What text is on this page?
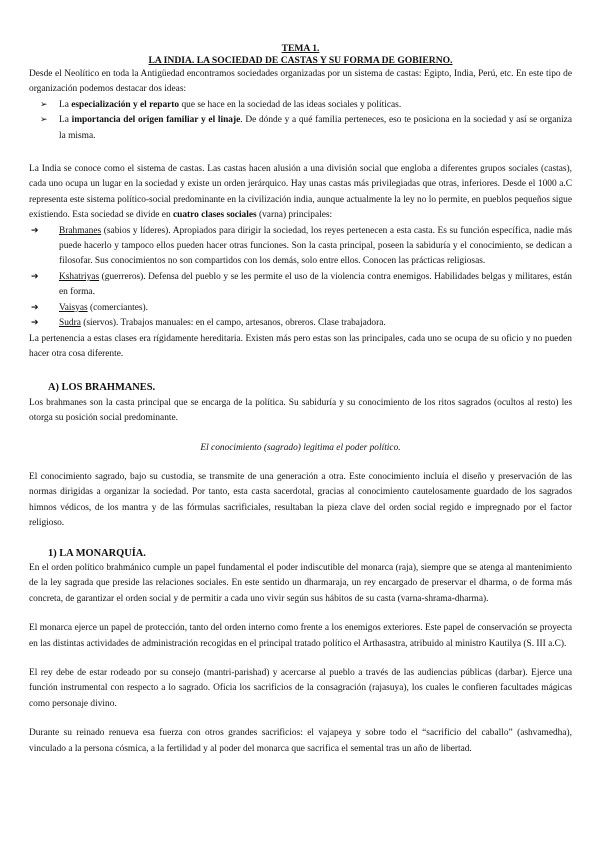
TEMA 1.
LA INDIA. LA SOCIEDAD DE CASTAS Y SU FORMA DE GOBIERNO.

Desde el Neolítico en toda la Antigüedad encontramos sociedades organizadas por un sistema de castas: Egipto, India, Perú, etc. En este tipo de organización podemos destacar dos ideas:

➢	La especialización y el reparto que se hace en la sociedad de las ideas sociales y políticas.
➢	La importancia del origen familiar y el linaje. De dónde y a qué familia perteneces, eso te posiciona en la sociedad y así se organiza la misma.

La India se conoce como el sistema de castas. Las castas hacen alusión a una división social que engloba a diferentes grupos sociales (castas), cada uno ocupa un lugar en la sociedad y existe un orden jerárquico. Hay unas castas más privilegiadas que otras, inferiores. Desde el 1000 a.C representa este sistema político-social predominante en la civilización india, aunque actualmente la ley no lo permite, en pueblos pequeños sigue existiendo. Esta sociedad se divide en cuatro clases sociales (varna) principales:

➔	Brahmanes (sabios y líderes). Apropiados para dirigir la sociedad, los reyes pertenecen a esta casta. Es su función específica, nadie más puede hacerlo y tampoco ellos pueden hacer otras funciones. Son la casta principal, poseen la sabiduría y el conocimiento, se dedican a filosofar. Sus conocimientos no son compartidos con los demás, solo entre ellos. Conocen las prácticas religiosas.
➔	Kshatriyas (guerreros). Defensa del pueblo y se les permite el uso de la violencia contra enemigos. Habilidades belgas y militares, están en forma.
➔	Vaisyas (comerciantes).
➔	Sudra (siervos). Trabajos manuales: en el campo, artesanos, obreros. Clase trabajadora.

La pertenencia a estas clases era rígidamente hereditaria. Existen más pero estas son las principales, cada uno se ocupa de su oficio y no pueden hacer otra cosa diferente.

A) LOS BRAHMANES.

Los brahmanes son la casta principal que se encarga de la política. Su sabiduría y su conocimiento de los ritos sagrados (ocultos al resto) les otorga su posición social predominante.

El conocimiento (sagrado) legitima el poder político.

El conocimiento sagrado, bajo su custodia, se transmite de una generación a otra. Este conocimiento incluía el diseño y preservación de las normas dirigidas a organizar la sociedad. Por tanto, esta casta sacerdotal, gracias al conocimiento cautelosamente guardado de los sagrados himnos védicos, de los mantra y de las fórmulas sacrificiales, resultaban la pieza clave del orden social regido e impregnado por el factor religioso.

1) LA MONARQUÍA.

En el orden político brahmánico cumple un papel fundamental el poder indiscutible del monarca (raja), siempre que se atenga al mantenimiento de la ley sagrada que preside las relaciones sociales. En este sentido un dharmaraja, un rey encargado de preservar el dharma, o de forma más concreta, de garantizar el orden social y de permitir a cada uno vivir según sus hábitos de su casta (varna-shrama-dharma).

El monarca ejerce un papel de protección, tanto del orden interno como frente a los enemigos exteriores. Este papel de conservación se proyecta en las distintas actividades de administración recogidas en el principal tratado político el Arthasastra, atribuido al ministro Kautilya (S. III a.C).

El rey debe de estar rodeado por su consejo (mantri-parishad) y acercarse al pueblo a través de las audiencias públicas (darbar). Ejerce una función instrumental con respecto a lo sagrado. Oficia los sacrificios de la consagración (rajasuya), los cuales le confieren facultades mágicas como personaje divino.

Durante su reinado renueva esa fuerza con otros grandes sacrificios: el vajapeya y sobre todo el “sacrificio del caballo” (ashvamedha), vinculado a la persona cósmica, a la fertilidad y al poder del monarca que sacrifica el semental tras un año de libertad.
